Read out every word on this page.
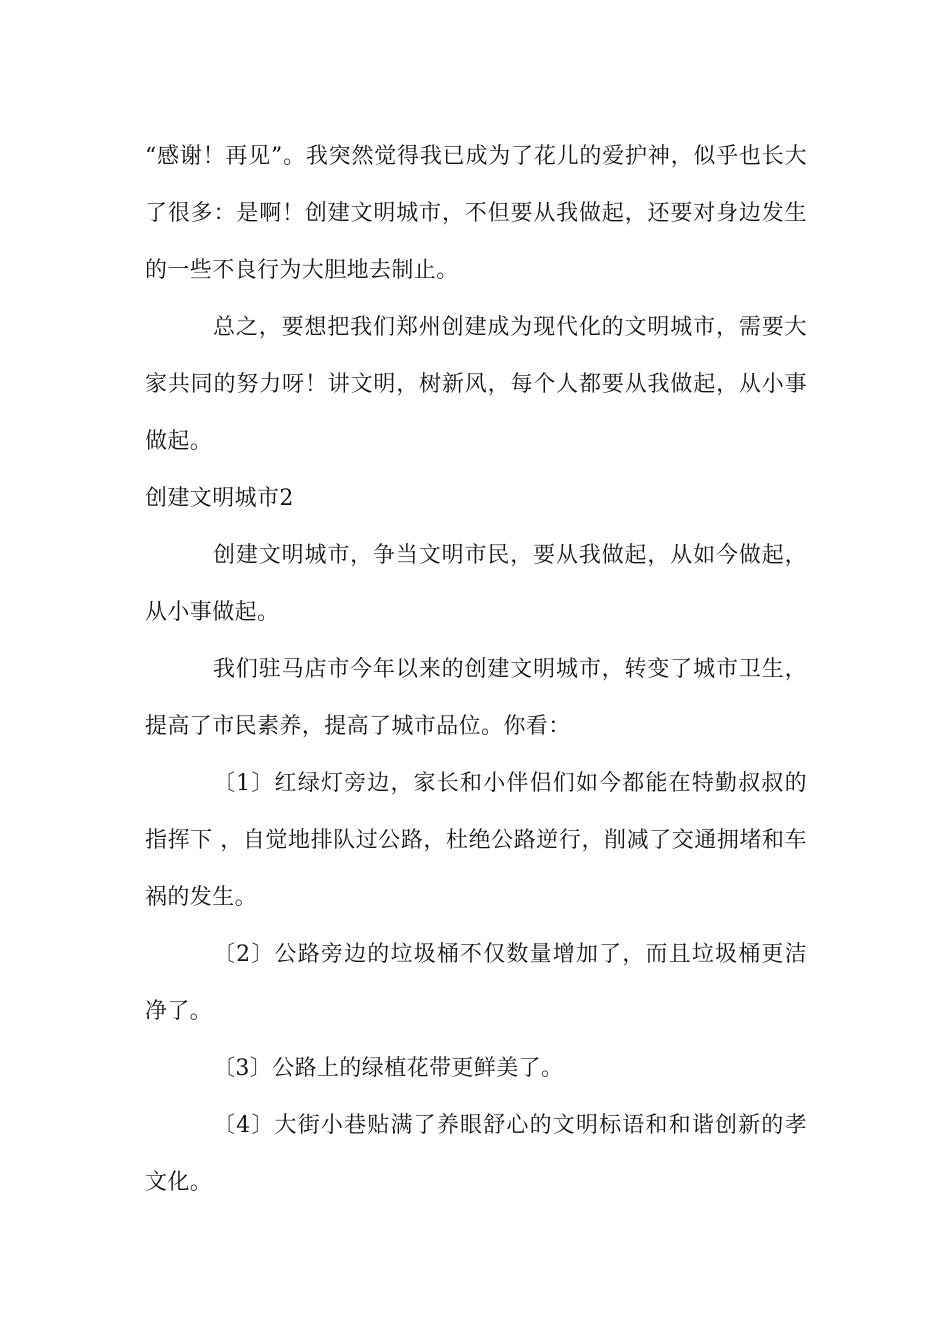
“感谢！再见”。我突然觉得我已成为了花儿的爱护神，似乎也长大了很多：是啊！创建文明城市，不但要从我做起，还要对身边发生的一些不良行为大胆地去制止。

总之，要想把我们郑州创建成为现代化的文明城市，需要大家共同的努力呀！讲文明，树新风，每个人都要从我做起，从小事做起。

创建文明城市2

创建文明城市，争当文明市民，要从我做起，从如今做起，从小事做起。

我们驻马店市今年以来的创建文明城市，转变了城市卫生，提高了市民素养，提高了城市品位。你看：

〔1〕红绿灯旁边，家长和小伴侣们如今都能在特勤叔叔的指挥下 ，自觉地排队过公路，杜绝公路逆行，削减了交通拥堵和车祸的发生。

〔2〕公路旁边的垃圾桶不仅数量增加了，而且垃圾桶更洁净了。

〔3〕公路上的绿植花带更鲜美了。

〔4〕大街小巷贴满了养眼舒心的文明标语和和谐创新的孝文化。
